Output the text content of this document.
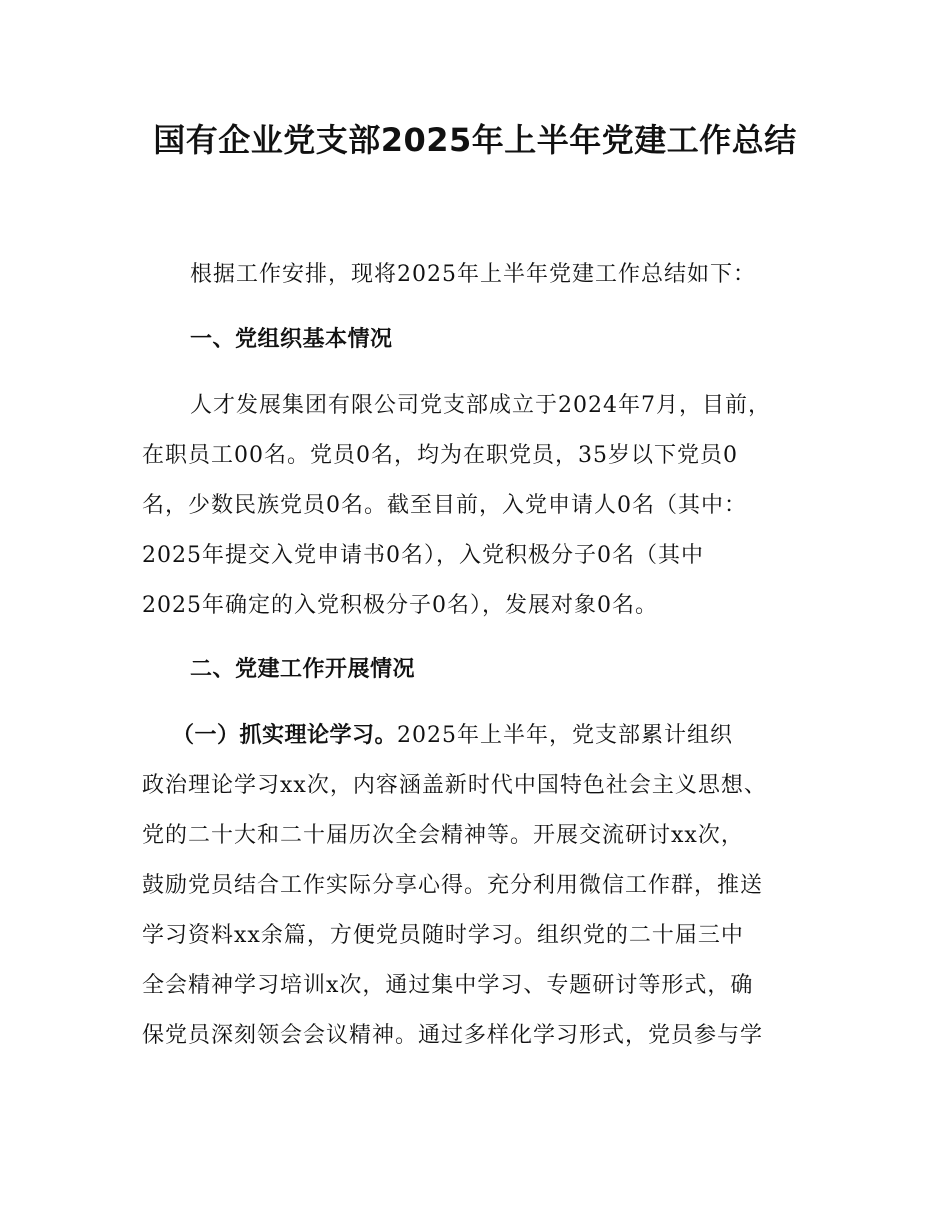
国有企业党支部2025年上半年党建工作总结

根据工作安排，现将2025年上半年党建工作总结如下：

一、党组织基本情况

人才发展集团有限公司党支部成立于2024年7月，目前，

在职员工00名。党员0名，均为在职党员，35岁以下党员0

名，少数民族党员0名。截至目前，入党申请人0名（其中：

2025年提交入党申请书0名），入党积极分子0名（其中

2025年确定的入党积极分子0名），发展对象0名。

二、党建工作开展情况

（一）抓实理论学习。2025年上半年，党支部累计组织

政治理论学习xx次，内容涵盖新时代中国特色社会主义思想、

党的二十大和二十届历次全会精神等。开展交流研讨xx次，

鼓励党员结合工作实际分享心得。充分利用微信工作群，推送

学习资料xx余篇，方便党员随时学习。组织党的二十届三中

全会精神学习培训x次，通过集中学习、专题研讨等形式，确

保党员深刻领会会议精神。通过多样化学习形式，党员参与学
